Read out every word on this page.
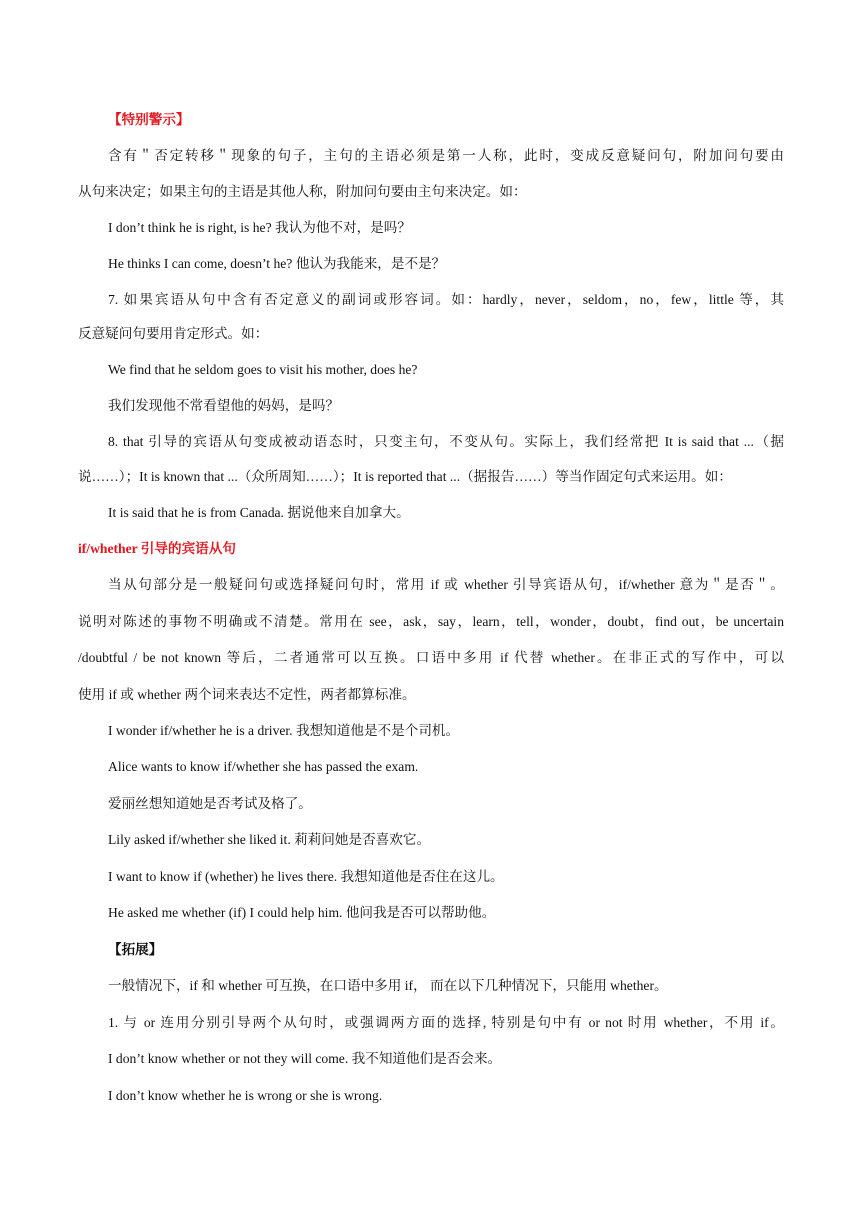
【特别警示】

含有＂否定转移＂现象的句子，主句的主语必须是第一人称，此时，变成反意疑问句，附加问句要由

从句来决定；如果主句的主语是其他人称，附加问句要由主句来决定。如：

I don’t think he is right, is he? 我认为他不对，是吗？

He thinks I can come, doesn’t he? 他认为我能来，是不是？

7. 如果宾语从句中含有否定意义的副词或形容词。如：hardly，never，seldom，no，few，little 等，其

反意疑问句要用肯定形式。如：

We find that he seldom goes to visit his mother, does he?

我们发现他不常看望他的妈妈，是吗？

8. that 引导的宾语从句变成被动语态时，只变主句，不变从句。实际上，我们经常把 It is said that ...（据

说……）；It is known that ...（众所周知……）；It is reported that ...（据报告……）等当作固定句式来运用。如：

It is said that he is from Canada. 据说他来自加拿大。

if/whether 引导的宾语从句

当从句部分是一般疑问句或选择疑问句时，常用 if 或 whether 引导宾语从句，if/whether 意为＂是否＂。

说明对陈述的事物不明确或不清楚。常用在 see，ask，say，learn，tell，wonder，doubt，find out，be uncertain

/doubtful / be not known 等后，二者通常可以互换。口语中多用 if 代替 whether。在非正式的写作中，可以

使用 if 或 whether 两个词来表达不定性，两者都算标准。

I wonder if/whether he is a driver. 我想知道他是不是个司机。

Alice wants to know if/whether she has passed the exam.

爱丽丝想知道她是否考试及格了。

Lily asked if/whether she liked it. 莉莉问她是否喜欢它。

I want to know if (whether) he lives there. 我想知道他是否住在这儿。

He asked me whether (if) I could help him. 他问我是否可以帮助他。

【拓展】

一般情况下，if 和 whether 可互换，在口语中多用 if， 而在以下几种情况下，只能用 whether。

1. 与 or 连用分别引导两个从句时，或强调两方面的选择, 特别是句中有 or not 时用 whether，不用 if。

I don’t know whether or not they will come. 我不知道他们是否会来。

I don’t know whether he is wrong or she is wrong.
